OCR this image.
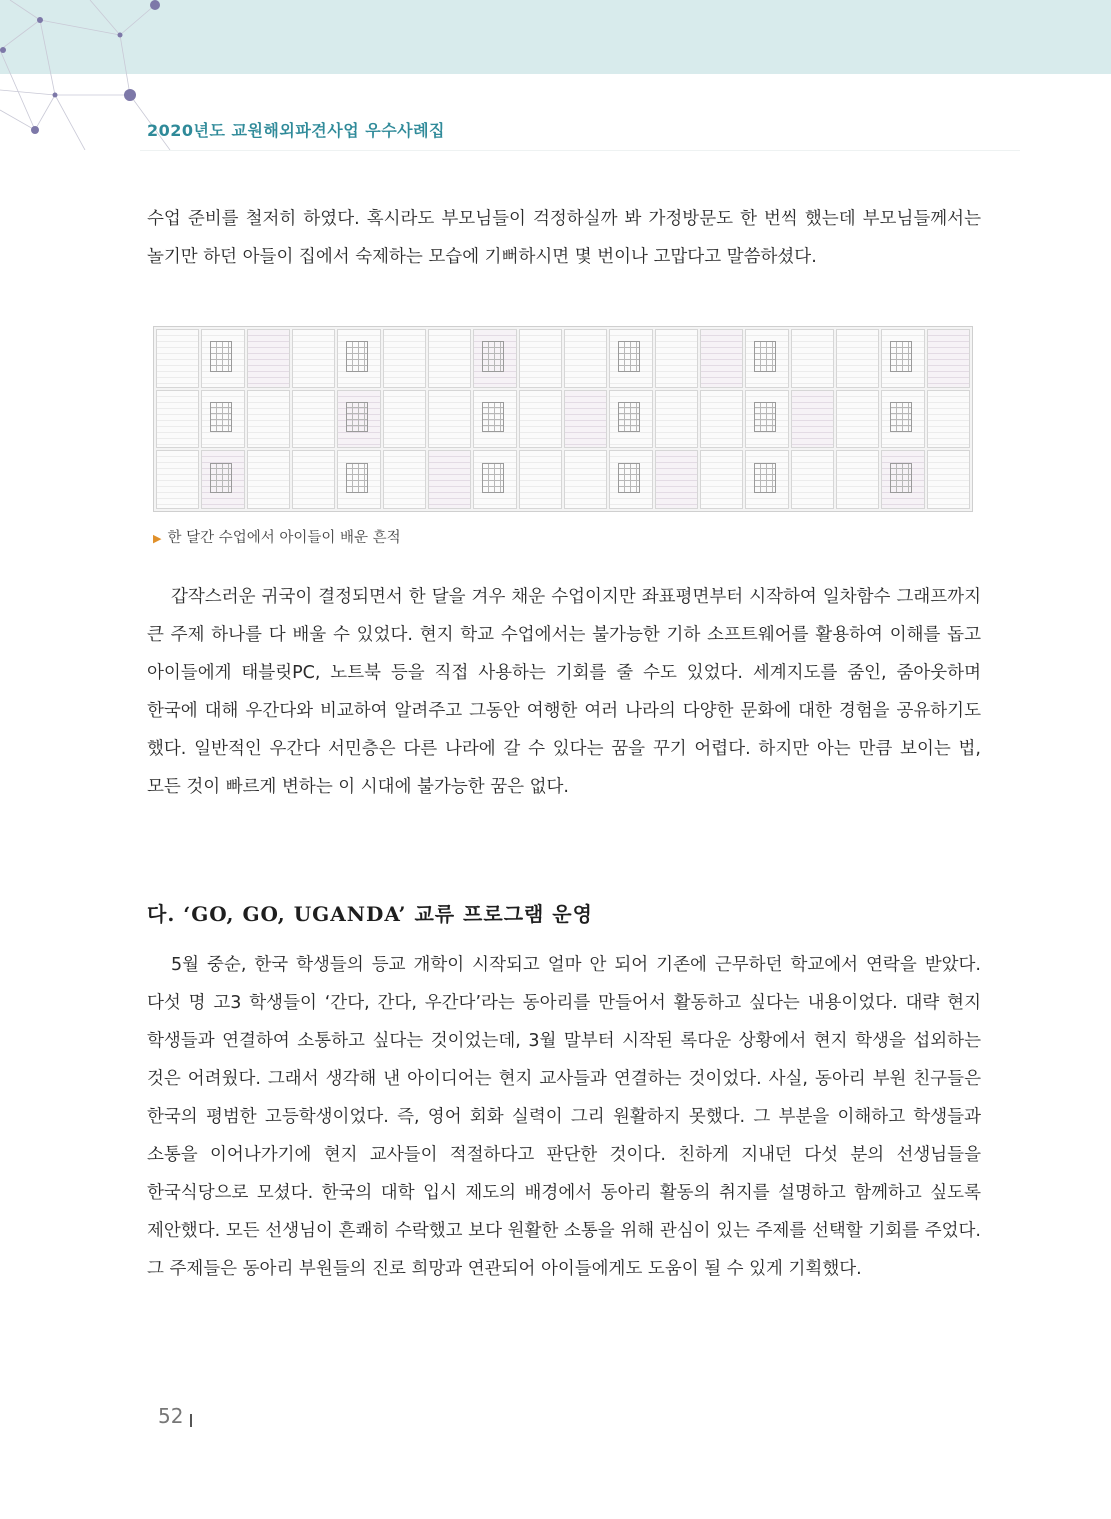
2020년도 교원해외파견사업 우수사례집

수업 준비를 철저히 하였다. 혹시라도 부모님들이 걱정하실까 봐 가정방문도 한 번씩 했는데 부모님들께서는 놀기만 하던 아들이 집에서 숙제하는 모습에 기뻐하시면 몇 번이나 고맙다고 말씀하셨다.

▶ 한 달간 수업에서 아이들이 배운 흔적

갑작스러운 귀국이 결정되면서 한 달을 겨우 채운 수업이지만 좌표평면부터 시작하여 일차함수 그래프까지 큰 주제 하나를 다 배울 수 있었다. 현지 학교 수업에서는 불가능한 기하 소프트웨어를 활용하여 이해를 돕고 아이들에게 태블릿PC, 노트북 등을 직접 사용하는 기회를 줄 수도 있었다. 세계지도를 줌인, 줌아웃하며 한국에 대해 우간다와 비교하여 알려주고 그동안 여행한 여러 나라의 다양한 문화에 대한 경험을 공유하기도 했다. 일반적인 우간다 서민층은 다른 나라에 갈 수 있다는 꿈을 꾸기 어렵다. 하지만 아는 만큼 보이는 법, 모든 것이 빠르게 변하는 이 시대에 불가능한 꿈은 없다.

다. ‘GO, GO, UGANDA’ 교류 프로그램 운영

5월 중순, 한국 학생들의 등교 개학이 시작되고 얼마 안 되어 기존에 근무하던 학교에서 연락을 받았다. 다섯 명 고3 학생들이 ‘간다, 간다, 우간다’라는 동아리를 만들어서 활동하고 싶다는 내용이었다. 대략 현지 학생들과 연결하여 소통하고 싶다는 것이었는데, 3월 말부터 시작된 록다운 상황에서 현지 학생을 섭외하는 것은 어려웠다. 그래서 생각해 낸 아이디어는 현지 교사들과 연결하는 것이었다. 사실, 동아리 부원 친구들은 한국의 평범한 고등학생이었다. 즉, 영어 회화 실력이 그리 원활하지 못했다. 그 부분을 이해하고 학생들과 소통을 이어나가기에 현지 교사들이 적절하다고 판단한 것이다. 친하게 지내던 다섯 분의 선생님들을 한국식당으로 모셨다. 한국의 대학 입시 제도의 배경에서 동아리 활동의 취지를 설명하고 함께하고 싶도록 제안했다. 모든 선생님이 흔쾌히 수락했고 보다 원활한 소통을 위해 관심이 있는 주제를 선택할 기회를 주었다. 그 주제들은 동아리 부원들의 진로 희망과 연관되어 아이들에게도 도움이 될 수 있게 기획했다.

52
